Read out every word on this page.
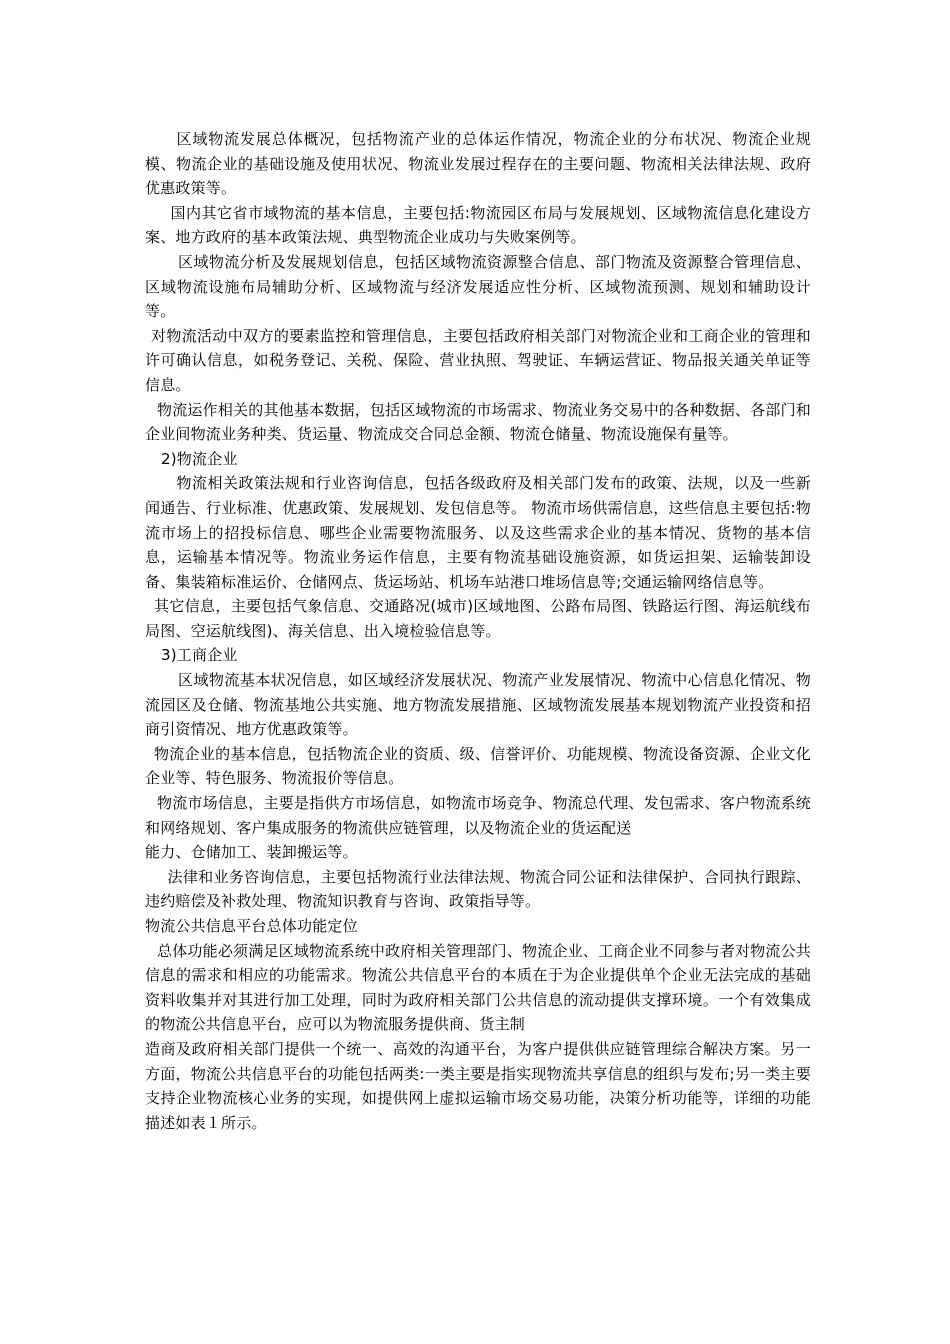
区域物流发展总体概况，包括物流产业的总体运作情况，物流企业的分布状况、物流企业规模、物流企业的基础设施及使用状况、物流业发展过程存在的主要问题、物流相关法律法规、政府优惠政策等。

国内其它省市域物流的基本信息，主要包括:物流园区布局与发展规划、区域物流信息化建设方案、地方政府的基本政策法规、典型物流企业成功与失败案例等。

区域物流分析及发展规划信息，包括区域物流资源整合信息、部门物流及资源整合管理信息、区域物流设施布局辅助分析、区域物流与经济发展适应性分析、区域物流预测、规划和辅助设计等。

对物流活动中双方的要素监控和管理信息，主要包括政府相关部门对物流企业和工商企业的管理和许可确认信息，如税务登记、关税、保险、营业执照、驾驶证、车辆运营证、物品报关通关单证等信息。

物流运作相关的其他基本数据，包括区域物流的市场需求、物流业务交易中的各种数据、各部门和企业间物流业务种类、货运量、物流成交合同总金额、物流仓储量、物流设施保有量等。

2)物流企业

物流相关政策法规和行业咨询信息，包括各级政府及相关部门发布的政策、法规，以及一些新闻通告、行业标准、优惠政策、发展规划、发包信息等。 物流市场供需信息，这些信息主要包括:物流市场上的招投标信息、哪些企业需要物流服务、以及这些需求企业的基本情况、货物的基本信息，运输基本情况等。物流业务运作信息，主要有物流基础设施资源，如货运担架、运输装卸设备、集装箱标准运价、仓储网点、货运场站、机场车站港口堆场信息等;交通运输网络信息等。

其它信息，主要包括气象信息、交通路况(城市)区域地图、公路布局图、铁路运行图、海运航线布局图、空运航线图)、海关信息、出入境检验信息等。

3)工商企业

区域物流基本状况信息，如区域经济发展状况、物流产业发展情况、物流中心信息化情况、物流园区及仓储、物流基地公共实施、地方物流发展措施、区域物流发展基本规划物流产业投资和招商引资情况、地方优惠政策等。

物流企业的基本信息，包括物流企业的资质、级、信誉评价、功能规模、物流设备资源、企业文化企业等、特色服务、物流报价等信息。

物流市场信息，主要是指供方市场信息，如物流市场竞争、物流总代理、发包需求、客户物流系统和网络规划、客户集成服务的物流供应链管理，以及物流企业的货运配送

能力、仓储加工、装卸搬运等。

法律和业务咨询信息，主要包括物流行业法律法规、物流合同公证和法律保护、合同执行跟踪、违约赔偿及补救处理、物流知识教育与咨询、政策指导等。

物流公共信息平台总体功能定位

总体功能必须满足区域物流系统中政府相关管理部门、物流企业、工商企业不同参与者对物流公共信息的需求和相应的功能需求。物流公共信息平台的本质在于为企业提供单个企业无法完成的基础资料收集并对其进行加工处理，同时为政府相关部门公共信息的流动提供支撑环境。一个有效集成的物流公共信息平台，应可以为物流服务提供商、货主制

造商及政府相关部门提供一个统一、高效的沟通平台，为客户提供供应链管理综合解决方案。另一方面，物流公共信息平台的功能包括两类:一类主要是指实现物流共享信息的组织与发布;另一类主要支持企业物流核心业务的实现，如提供网上虚拟运输市场交易功能，决策分析功能等，详细的功能描述如表１所示。
